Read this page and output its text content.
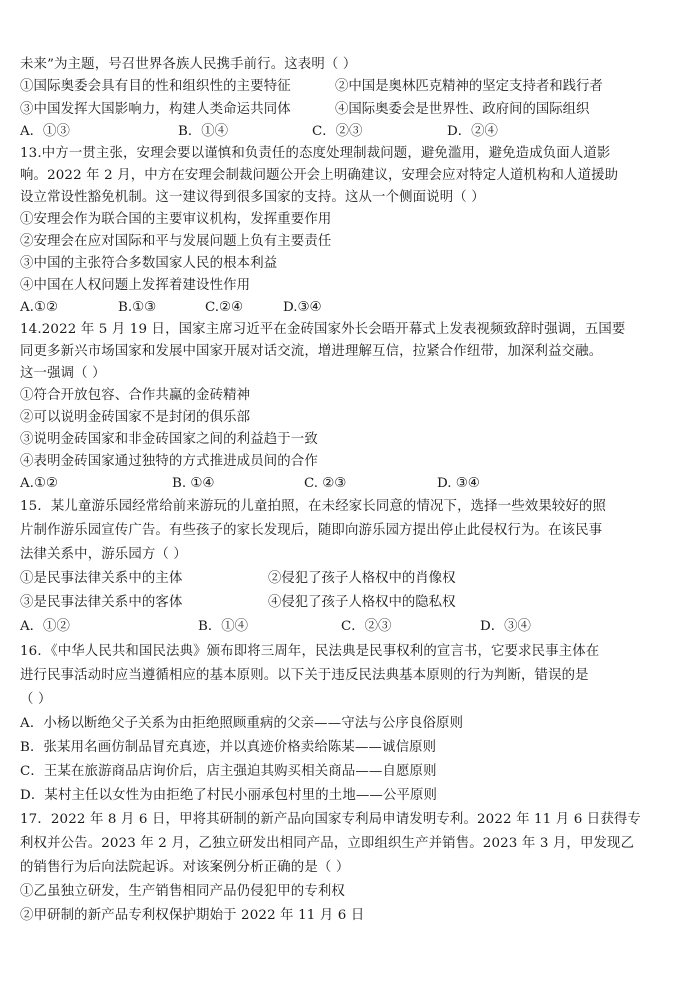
未来”为主题，号召世界各族人民携手前行。这表明（ ）
①国际奥委会具有目的性和组织性的主要特征	②中国是奥林匹克精神的坚定支持者和践行者
③中国发挥大国影响力，构建人类命运共同体	④国际奥委会是世界性、政府间的国际组织
A．①③	B．①④	C．②③	D．②④
13.中方一贯主张，安理会要以谨慎和负责任的态度处理制裁问题，避免滥用，避免造成负面人道影
响。2022 年 2 月，中方在安理会制裁问题公开会上明确建议，安理会应对特定人道机构和人道援助
设立常设性豁免机制。这一建议得到很多国家的支持。这从一个侧面说明（ ）
①安理会作为联合国的主要审议机构，发挥重要作用
②安理会在应对国际和平与发展问题上负有主要责任
③中国的主张符合多数国家人民的根本利益
④中国在人权问题上发挥着建设性作用
A.①②	B.①③	C.②④	D.③④
14.2022 年 5 月 19 日，国家主席习近平在金砖国家外长会晤开幕式上发表视频致辞时强调，五国要
同更多新兴市场国家和发展中国家开展对话交流，增进理解互信，拉紧合作纽带，加深利益交融。
这一强调（ ）
①符合开放包容、合作共赢的金砖精神
②可以说明金砖国家不是封闭的俱乐部
③说明金砖国家和非金砖国家之间的利益趋于一致
④表明金砖国家通过独特的方式推进成员间的合作
A.①②	B. ①④	C. ②③	D. ③④
15．某儿童游乐园经常给前来游玩的儿童拍照，在未经家长同意的情况下，选择一些效果较好的照
片制作游乐园宣传广告。有些孩子的家长发现后，随即向游乐园方提出停止此侵权行为。在该民事
法律关系中，游乐园方（ ）
①是民事法律关系中的主体	②侵犯了孩子人格权中的肖像权
③是民事法律关系中的客体	④侵犯了孩子人格权中的隐私权
A．①②	B．①④	C．②③	D．③④
16．《中华人民共和国民法典》颁布即将三周年，民法典是民事权利的宣言书，它要求民事主体在
进行民事活动时应当遵循相应的基本原则。以下关于违反民法典基本原则的行为判断，错误的是
（ ）
A．小杨以断绝父子关系为由拒绝照顾重病的父亲——守法与公序良俗原则
B．张某用名画仿制品冒充真迹，并以真迹价格卖给陈某——诚信原则
C．王某在旅游商品店询价后，店主强迫其购买相关商品——自愿原则
D．某村主任以女性为由拒绝了村民小丽承包村里的土地——公平原则
17．2022 年 8 月 6 日，甲将其研制的新产品向国家专利局申请发明专利。2022 年 11 月 6 日获得专
利权并公告。2023 年 2 月，乙独立研发出相同产品，立即组织生产并销售。2023 年 3 月，甲发现乙
的销售行为后向法院起诉。对该案例分析正确的是（ ）
①乙虽独立研发，生产销售相同产品仍侵犯甲的专利权
②甲研制的新产品专利权保护期始于 2022 年 11 月 6 日
